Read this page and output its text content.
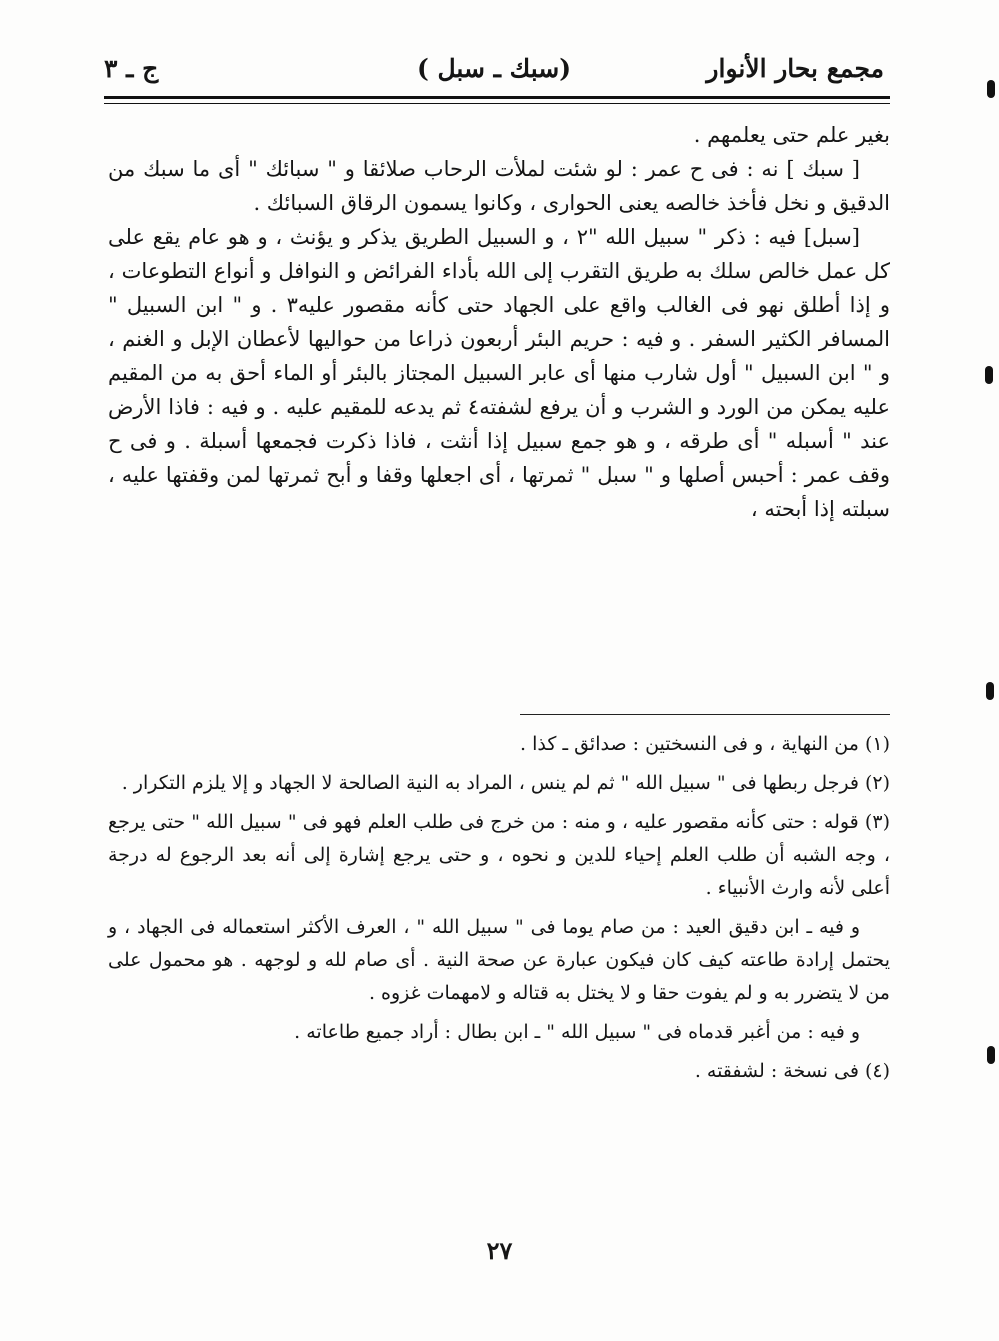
مجمع بحار الأنوار
(سبك ـ سبل )
ج ـ ٣

بغير علم حتى يعلمهم .

[ سبك ] نه : فى ح عمر : لو شئت لملأت الرحاب صلائقا و " سبائك " أى ما سبك من الدقيق و نخل فأخذ خالصه يعنى الحوارى ، وكانوا يسمون الرقاق السبائك .

[سبل] فيه : ذكر " سبيل الله "٢ ، و السبيل الطريق يذكر و يؤنث ، و هو عام يقع على كل عمل خالص سلك به طريق التقرب إلى الله بأداء الفرائض و النوافل و أنواع التطوعات ، و إذا أطلق نهو فى الغالب واقع على الجهاد حتى كأنه مقصور عليه٣ . و " ابن السبيل " المسافر الكثير السفر . و فيه : حريم البئر أربعون ذراعا من حواليها لأعطان الإبل و الغنم ، و " ابن السبيل " أول شارب منها أى عابر السبيل المجتاز بالبئر أو الماء أحق به من المقيم عليه يمكن من الورد و الشرب و أن يرفع لشفته٤ ثم يدعه للمقيم عليه . و فيه : فاذا الأرض عند " أسبله " أى طرقه ، و هو جمع سبيل إذا أنثت ، فاذا ذكرت فجمعها أسبلة . و فى ح وقف عمر : أحبس أصلها و " سبل " ثمرتها ، أى اجعلها وقفا و أبح ثمرتها لمن وقفتها عليه ، سبلته إذا أبحته ،

(١) من النهاية ، و فى النسختين : صدائق ـ كذا .

(٢) فرجل ربطها فى " سبيل الله " ثم لم ينس ، المراد به النية الصالحة لا الجهاد و إلا يلزم التكرار .

(٣) قوله : حتى كأنه مقصور عليه ، و منه : من خرج فى طلب العلم فهو فى " سبيل الله " حتى يرجع ، وجه الشبه أن طلب العلم إحياء للدين و نحوه ، و حتى يرجع إشارة إلى أنه بعد الرجوع له درجة أعلى لأنه وارث الأنبياء .

و فيه ـ ابن دقيق العيد : من صام يوما فى " سبيل الله " ، العرف الأكثر استعماله فى الجهاد ، و يحتمل إرادة طاعته كيف كان فيكون عبارة عن صحة النية . أى صام لله و لوجهه . هو محمول على من لا يتضرر به و لم يفوت حقا و لا يختل به قتاله و لامهمات غزوه .

و فيه : من أغبر قدماه فى " سبيل الله " ـ ابن بطال : أراد جميع طاعاته .

(٤) فى نسخة : لشفقته .

٢٧
